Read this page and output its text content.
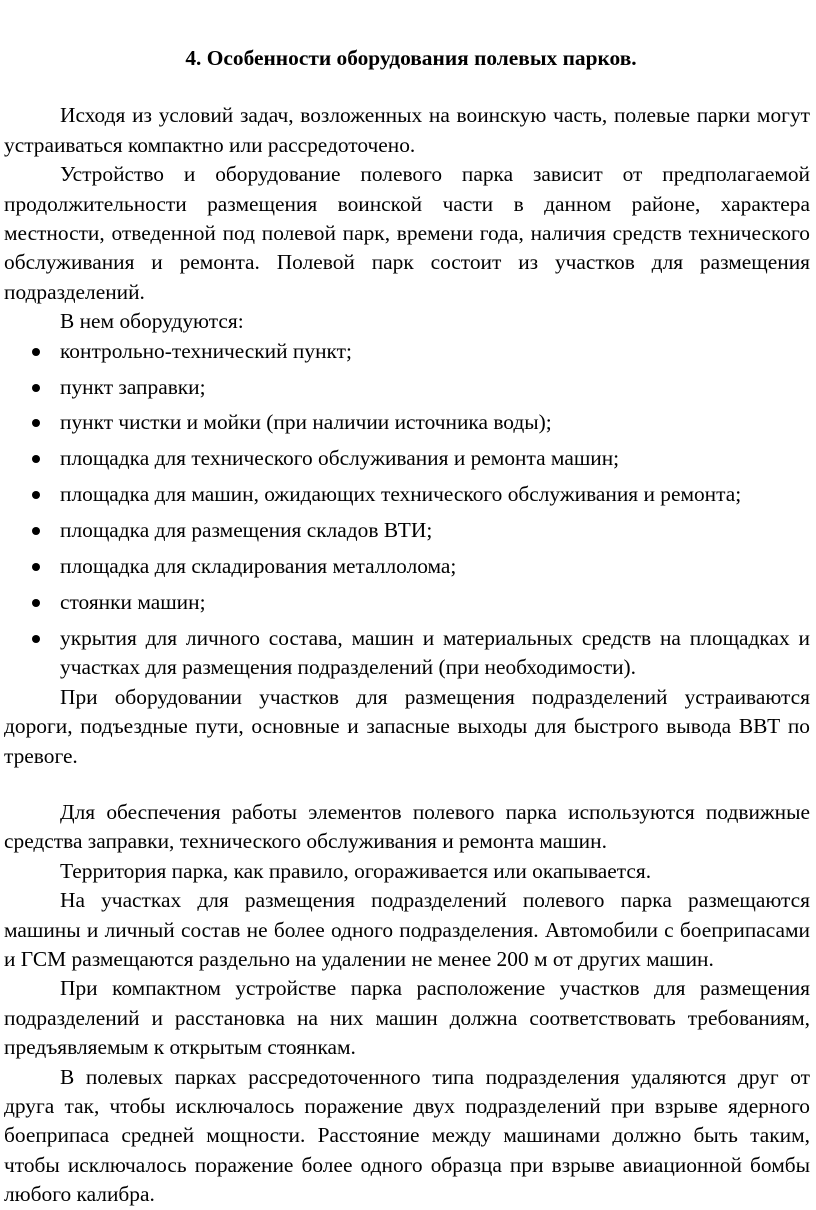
4. Особенности оборудования полевых парков.

Исходя из условий задач, возложенных на воинскую часть, полевые парки могут устраиваться компактно или рассредоточено.

Устройство и оборудование полевого парка зависит от предполагаемой продолжительности размещения воинской части в данном районе, характера местности, отведенной под полевой парк, времени года, наличия средств технического обслуживания и ремонта. Полевой парк состоит из участков для размещения подразделений.

В нем оборудуются:

контрольно-технический пункт;
пункт заправки;
пункт чистки и мойки (при наличии источника воды);
площадка для технического обслуживания и ремонта машин;
площадка для машин, ожидающих технического обслуживания и ремонта;
площадка для размещения складов ВТИ;
площадка для складирования металлолома;
стоянки машин;
укрытия для личного состава, машин и материальных средств на площадках и участках для размещения подразделений (при необходимости).

При оборудовании участков для размещения подразделений устраиваются дороги, подъездные пути, основные и запасные выходы для быстрого вывода ВВТ по тревоге.

Для обеспечения работы элементов полевого парка используются подвижные средства заправки, технического обслуживания и ремонта машин.

Территория парка, как правило, огораживается или окапывается.

На участках для размещения подразделений полевого парка размещаются машины и личный состав не более одного подразделения. Автомобили с боеприпасами и ГСМ размещаются раздельно на удалении не менее 200 м от других машин.

При компактном устройстве парка расположение участков для размещения подразделений и расстановка на них машин должна соответствовать требованиям, предъявляемым к открытым стоянкам.

В полевых парках рассредоточенного типа подразделения удаляются друг от друга так, чтобы исключалось поражение двух подразделений при взрыве ядерного боеприпаса средней мощности. Расстояние между машинами должно быть таким, чтобы исключалось поражение более одного образца при взрыве авиационной бомбы любого калибра.
